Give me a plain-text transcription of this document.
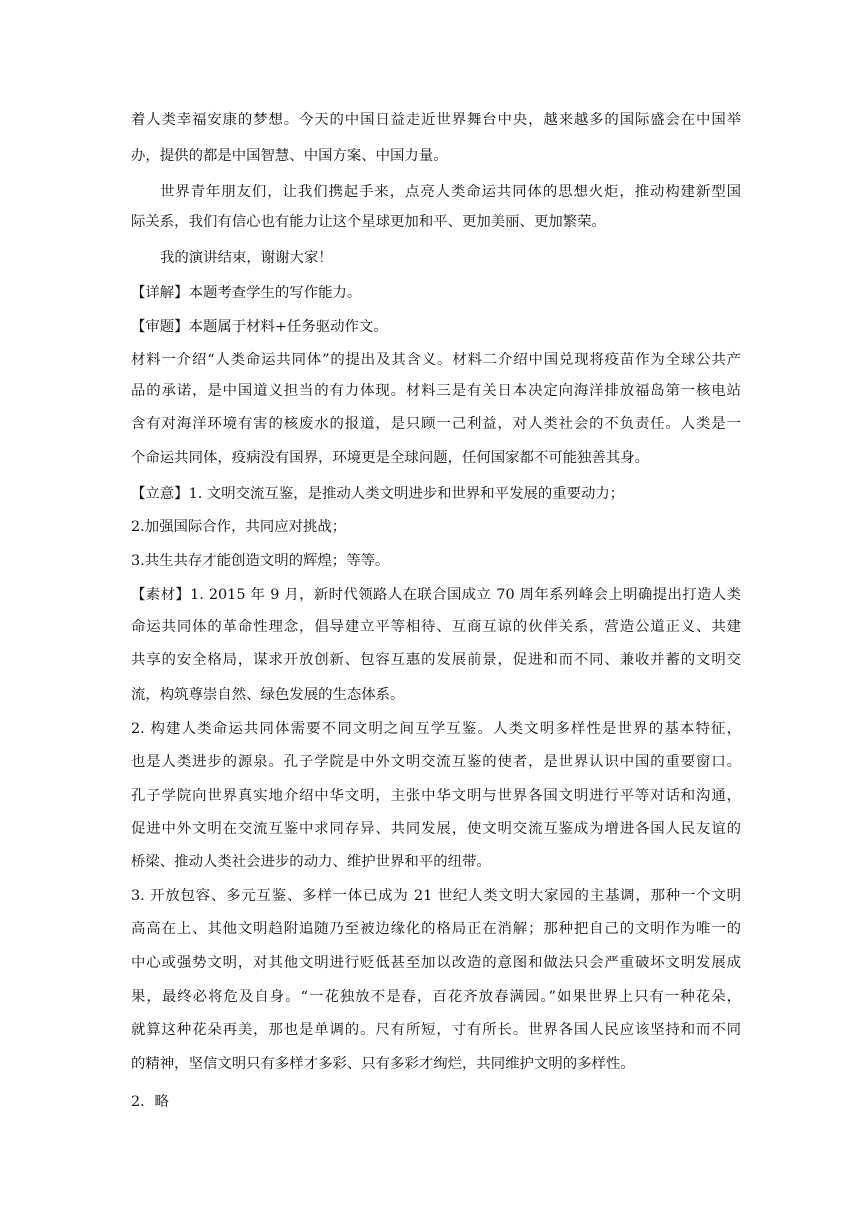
着人类幸福安康的梦想。今天的中国日益走近世界舞台中央，越来越多的国际盛会在中国举

办，提供的都是中国智慧、中国方案、中国力量。

世界青年朋友们，让我们携起手来，点亮人类命运共同体的思想火炬，推动构建新型国

际关系，我们有信心也有能力让这个星球更加和平、更加美丽、更加繁荣。

我的演讲结束，谢谢大家！

【详解】本题考查学生的写作能力。

【审题】本题属于材料+任务驱动作文。

材料一介绍“人类命运共同体”的提出及其含义。材料二介绍中国兑现将疫苗作为全球公共产

品的承诺，是中国道义担当的有力体现。材料三是有关日本决定向海洋排放福岛第一核电站

含有对海洋环境有害的核废水的报道，是只顾一己利益，对人类社会的不负责任。人类是一

个命运共同体，疫病没有国界，环境更是全球问题，任何国家都不可能独善其身。

【立意】1. 文明交流互鉴，是推动人类文明进步和世界和平发展的重要动力；

2.加强国际合作，共同应对挑战；

3.共生共存才能创造文明的辉煌；等等。

【素材】1. 2015 年 9 月，新时代领路人在联合国成立 70 周年系列峰会上明确提出打造人类

命运共同体的革命性理念，倡导建立平等相待、互商互谅的伙伴关系，营造公道正义、共建

共享的安全格局，谋求开放创新、包容互惠的发展前景，促进和而不同、兼收并蓄的文明交

流，构筑尊崇自然、绿色发展的生态体系。

2. 构建人类命运共同体需要不同文明之间互学互鉴。人类文明多样性是世界的基本特征，

也是人类进步的源泉。孔子学院是中外文明交流互鉴的使者，是世界认识中国的重要窗口。

孔子学院向世界真实地介绍中华文明，主张中华文明与世界各国文明进行平等对话和沟通，

促进中外文明在交流互鉴中求同存异、共同发展，使文明交流互鉴成为增进各国人民友谊的

桥梁、推动人类社会进步的动力、维护世界和平的纽带。

3. 开放包容、多元互鉴、多样一体已成为 21 世纪人类文明大家园的主基调，那种一个文明

高高在上、其他文明趋附追随乃至被边缘化的格局正在消解；那种把自己的文明作为唯一的

中心或强势文明，对其他文明进行贬低甚至加以改造的意图和做法只会严重破坏文明发展成

果，最终必将危及自身。“一花独放不是春，百花齐放春满园。”如果世界上只有一种花朵，

就算这种花朵再美，那也是单调的。尺有所短，寸有所长。世界各国人民应该坚持和而不同

的精神，坚信文明只有多样才多彩、只有多彩才绚烂，共同维护文明的多样性。

2．略
